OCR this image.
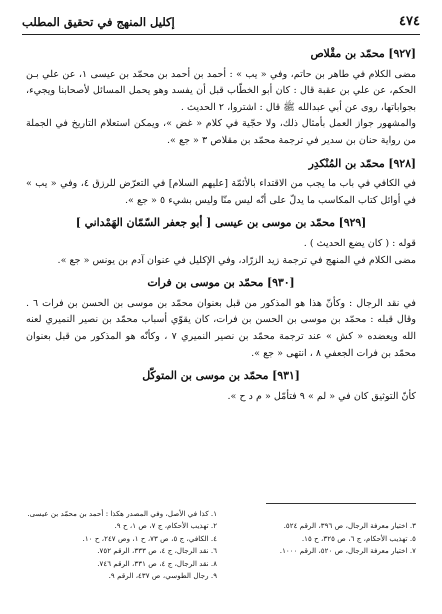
٤٧٤
إكليل المنهج في تحقيق المطلب
[٩٢٧] محمّد بن مقْلاص

مضى الكلام في طاهر بن حاتم، وفي « يب » : أحمد بن أحمد بن محمّد بن عيسى ١، عن علي بـن الحكم، عن علي بن عقبة قال : كان أبو الخطّاب قبل أن يفسد وهو يحمل المسائل لأصحابنا ويجيء، بجواباتها، روى عن أبي عبدالله ﷺ قال : اشتروا، ٢ الحديث .

والمشهور جواز العمل بأمثال ذلك، ولا حجّية في كلام « غض »، ويمكن استعلام التاريخ في الجملة من رواية حنان بن سدير في ترجمة محمّد بن مقلاص ٣ « جع ».

[٩٢٨] محمّد بن المُنْكدِر

في الكافي في باب ما يجب من الاقتداء بالأئمّة [عليهم السلام] في التعرّض للرزق ٤، وفي « يب » في أوائل كتاب المكاسب ما يدلّ على أنّه ليس منّا وليس بشيء ٥ « جع ».

[٩٢٩] محمّد بن موسى بن عيسى [ أبو جعفر السّمّان الهَمْداني ]

قوله : ( كان يضع الحديث ) .

مضى الكلام في المنهج في ترجمة زيد الزرّاد، وفي الإكليل في عنوان آدم بن يونس « جع ».

[٩٣٠] محمّد بن موسى بن فرات

في نقد الرجال : وكأنّ هذا هو المذكور من قبل بعنوان محمّد بن موسى بن الحسن بن فرات ٦ . وقال قبله : محمّد بن موسى بن الحسن بن فرات، كان يقوّي أسباب محمّد بن نصير النميري لعنه الله ويعضده « كش » عند ترجمة محمّد بن نصير النميري ٧ ، وكأنّه هو المذكور من قبل بعنوان محمّد بن فرات الجعفي ٨ ، انتهى « جع ».

[٩٣١] محمّد بن موسى بن المتوكّل

كأنّ التوثيق كان في « لم » ٩ فتأمّل « م د ح ».

١. كذا في الأصل، وفي المصدر هكذا : أحمد بن محمّد بن عيسى.
٢. تهذيب الأحكام، ج ٧، ص ١، ح ٩.
٤. الكافي، ج ٥، ص ٧٣، ح ١، وص ٢٤٧، ح ١٠.
٦. نقد الرجال، ج ٤، ص ٣٣٣، الرقم ٧٥٢.
٨. نقد الرجال، ج ٤، ص ٣٣١، الرقم ٧٤٦.
٩. رجال الطوسي، ص ٤٣٧، الرقم ٩.

٣. اختيار معرفة الرجال، ص ٣٩٦، الرقم ٥٢٤.
٥. تهذيب الأحكام، ج ٦، ص ٣٢٥، ح ١٥.
٧. اختيار معرفة الرجال، ص ٥٢٠، الرقم ١٠٠٠.
